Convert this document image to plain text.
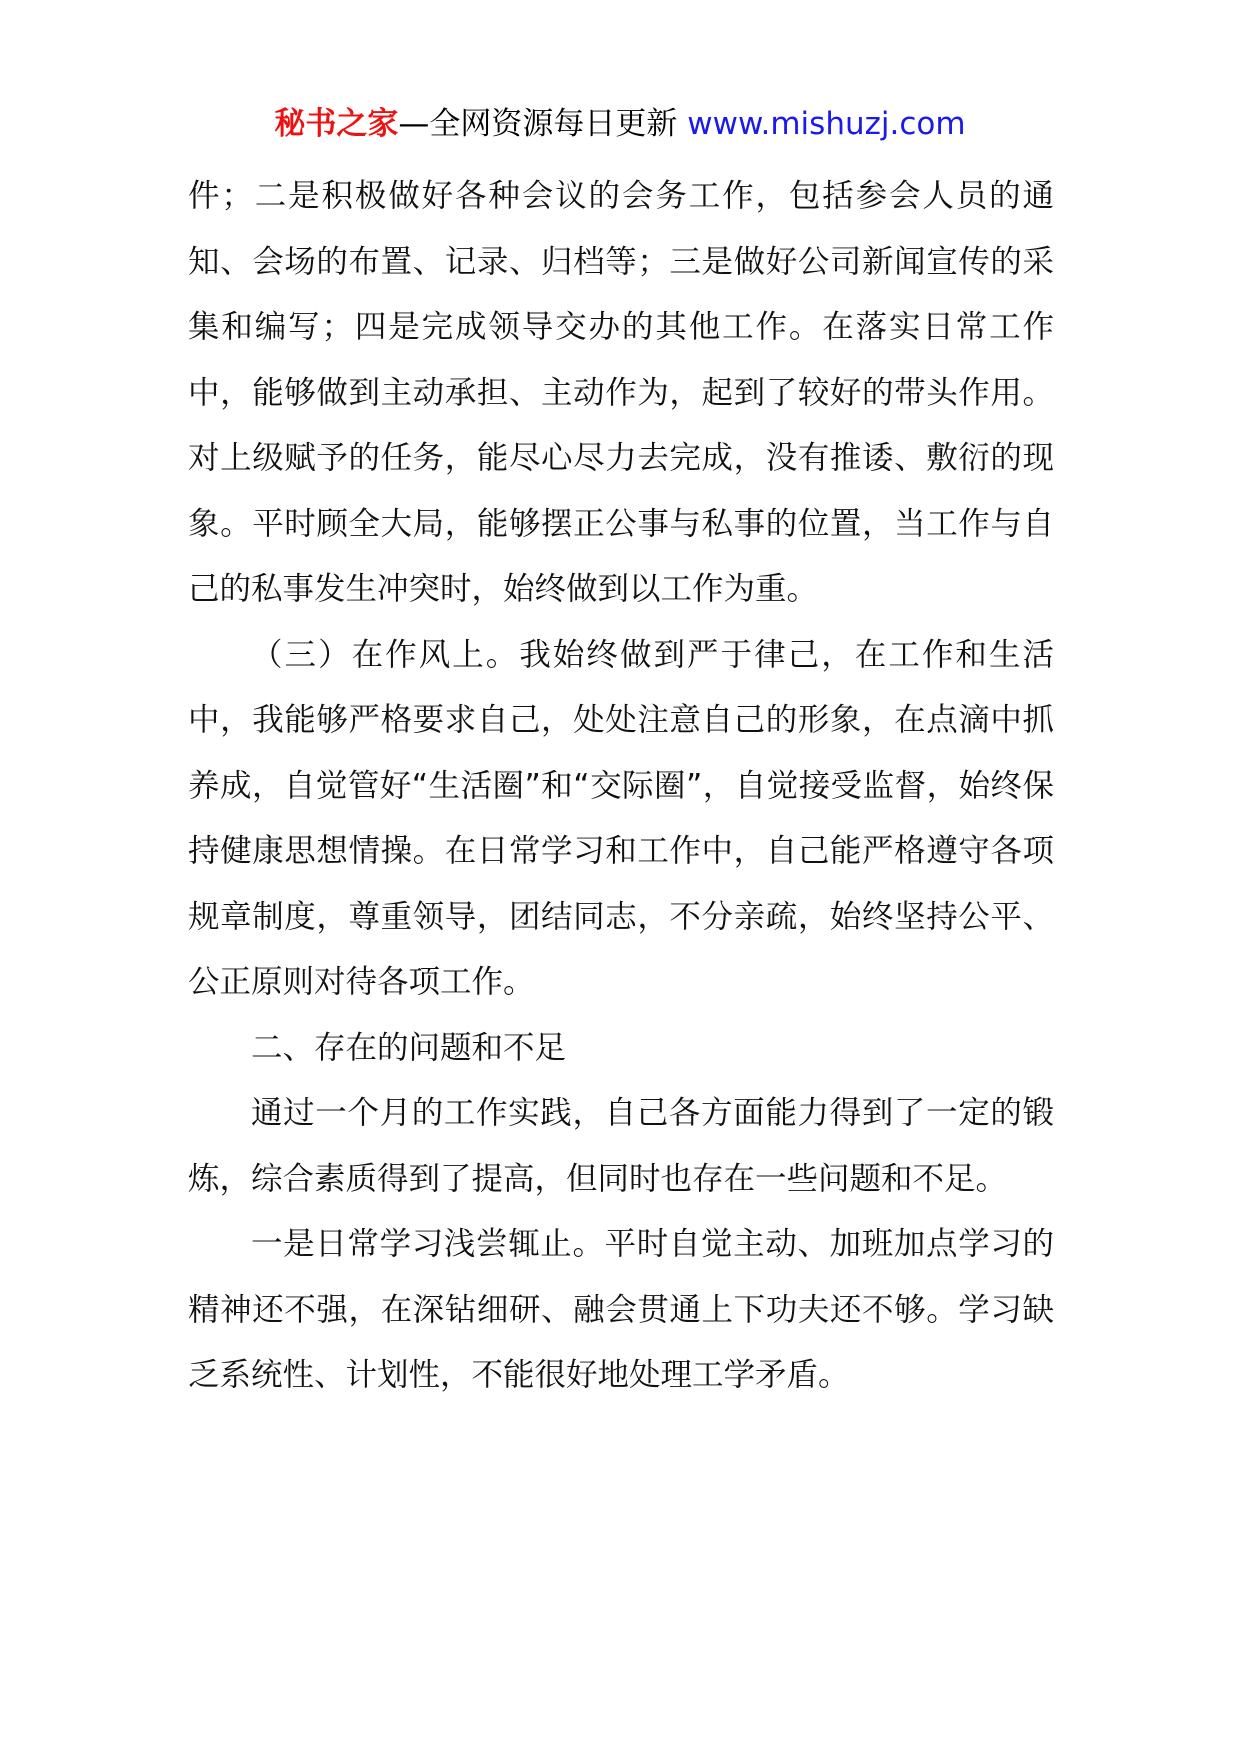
秘书之家—全网资源每日更新 www.mishuzj.com

件；二是积极做好各种会议的会务工作，包括参会人员的通知、会场的布置、记录、归档等；三是做好公司新闻宣传的采集和编写；四是完成领导交办的其他工作。在落实日常工作中，能够做到主动承担、主动作为，起到了较好的带头作用。对上级赋予的任务，能尽心尽力去完成，没有推诿、敷衍的现象。平时顾全大局，能够摆正公事与私事的位置，当工作与自己的私事发生冲突时，始终做到以工作为重。

（三）在作风上。我始终做到严于律己，在工作和生活中，我能够严格要求自己，处处注意自己的形象，在点滴中抓养成，自觉管好“生活圈”和“交际圈”，自觉接受监督，始终保持健康思想情操。在日常学习和工作中，自己能严格遵守各项规章制度，尊重领导，团结同志，不分亲疏，始终坚持公平、公正原则对待各项工作。

二、存在的问题和不足

通过一个月的工作实践，自己各方面能力得到了一定的锻炼，综合素质得到了提高，但同时也存在一些问题和不足。

一是日常学习浅尝辄止。平时自觉主动、加班加点学习的精神还不强，在深钻细研、融会贯通上下功夫还不够。学习缺乏系统性、计划性，不能很好地处理工学矛盾。
